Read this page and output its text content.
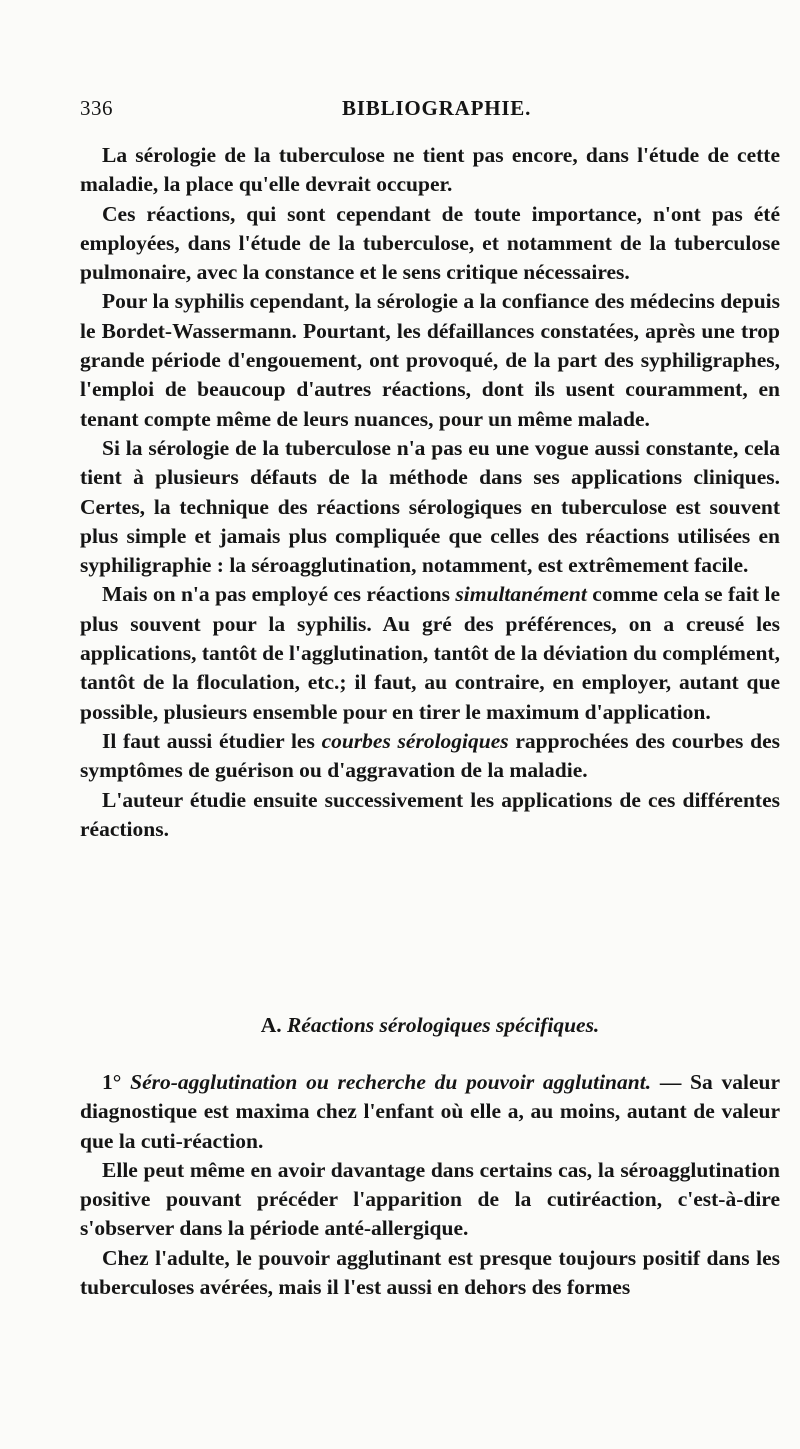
336	BIBLIOGRAPHIE.

La sérologie de la tuberculose ne tient pas encore, dans l'étude de cette maladie, la place qu'elle devrait occuper.

Ces réactions, qui sont cependant de toute importance, n'ont pas été employées, dans l'étude de la tuberculose, et notamment de la tuberculose pulmonaire, avec la constance et le sens critique nécessaires.

Pour la syphilis cependant, la sérologie a la confiance des médecins depuis le Bordet-Wassermann. Pourtant, les défaillances constatées, après une trop grande période d'engouement, ont provoqué, de la part des syphiligraphes, l'emploi de beaucoup d'autres réactions, dont ils usent couramment, en tenant compte même de leurs nuances, pour un même malade.

Si la sérologie de la tuberculose n'a pas eu une vogue aussi constante, cela tient à plusieurs défauts de la méthode dans ses applications cliniques. Certes, la technique des réactions sérologiques en tuberculose est souvent plus simple et jamais plus compliquée que celles des réactions utilisées en syphiligraphie : la séroagglutination, notamment, est extrêmement facile.

Mais on n'a pas employé ces réactions simultanément comme cela se fait le plus souvent pour la syphilis. Au gré des préférences, on a creusé les applications, tantôt de l'agglutination, tantôt de la déviation du complément, tantôt de la floculation, etc.; il faut, au contraire, en employer, autant que possible, plusieurs ensemble pour en tirer le maximum d'application.

Il faut aussi étudier les courbes sérologiques rapprochées des courbes des symptômes de guérison ou d'aggravation de la maladie.

L'auteur étudie ensuite successivement les applications de ces différentes réactions.

A. Réactions sérologiques spécifiques.

1° Séro-agglutination ou recherche du pouvoir agglutinant. — Sa valeur diagnostique est maxima chez l'enfant où elle a, au moins, autant de valeur que la cuti-réaction.

Elle peut même en avoir davantage dans certains cas, la séroagglutination positive pouvant précéder l'apparition de la cutiréaction, c'est-à-dire s'observer dans la période anté-allergique.

Chez l'adulte, le pouvoir agglutinant est presque toujours positif dans les tuberculoses avérées, mais il l'est aussi en dehors des formes
